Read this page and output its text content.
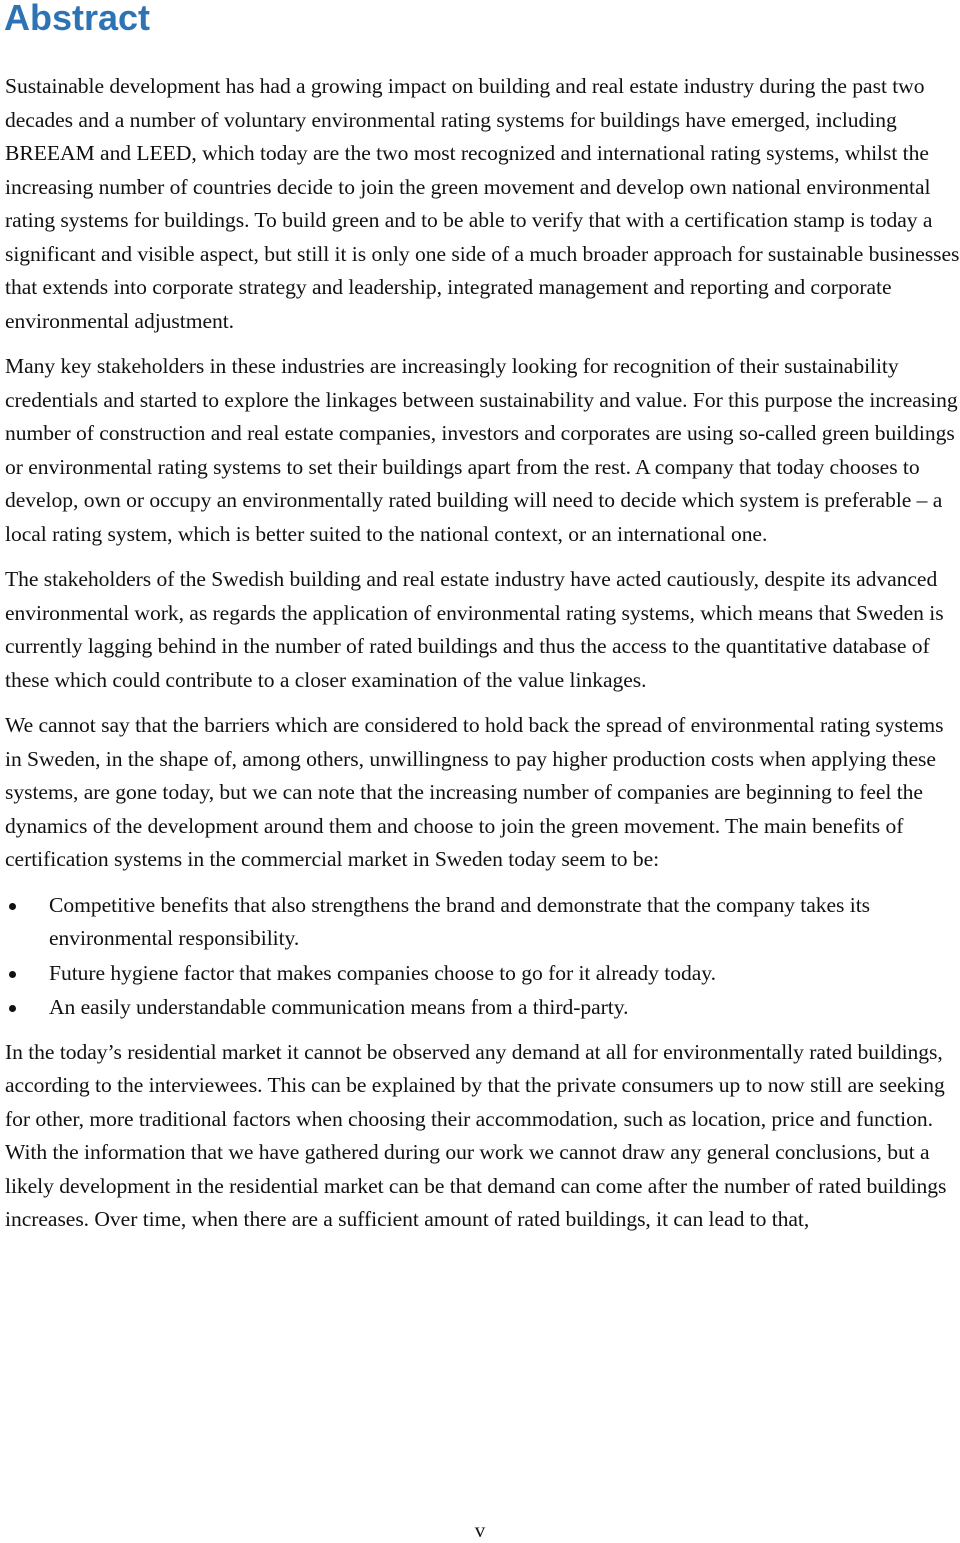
Abstract

Sustainable development has had a growing impact on building and real estate industry during the past two decades and a number of voluntary environmental rating systems for buildings have emerged, including BREEAM and LEED, which today are the two most recognized and international rating systems, whilst the increasing number of countries decide to join the green movement and develop own national environmental rating systems for buildings. To build green and to be able to verify that with a certification stamp is today a significant and visible aspect, but still it is only one side of a much broader approach for sustainable businesses that extends into corporate strategy and leadership, integrated management and reporting and corporate environmental adjustment.

Many key stakeholders in these industries are increasingly looking for recognition of their sustainability credentials and started to explore the linkages between sustainability and value. For this purpose the increasing number of construction and real estate companies, investors and corporates are using so-called green buildings or environmental rating systems to set their buildings apart from the rest. A company that today chooses to develop, own or occupy an environmentally rated building will need to decide which system is preferable – a local rating system, which is better suited to the national context, or an international one.

The stakeholders of the Swedish building and real estate industry have acted cautiously, despite its advanced environmental work, as regards the application of environmental rating systems, which means that Sweden is currently lagging behind in the number of rated buildings and thus the access to the quantitative database of these which could contribute to a closer examination of the value linkages.

We cannot say that the barriers which are considered to hold back the spread of environmental rating systems in Sweden, in the shape of, among others, unwillingness to pay higher production costs when applying these systems, are gone today, but we can note that the increasing number of companies are beginning to feel the dynamics of the development around them and choose to join the green movement. The main benefits of certification systems in the commercial market in Sweden today seem to be:

Competitive benefits that also strengthens the brand and demonstrate that the company takes its environmental responsibility.
Future hygiene factor that makes companies choose to go for it already today.
An easily understandable communication means from a third-party.

In the today’s residential market it cannot be observed any demand at all for environmentally rated buildings, according to the interviewees. This can be explained by that the private consumers up to now still are seeking for other, more traditional factors when choosing their accommodation, such as location, price and function. With the information that we have gathered during our work we cannot draw any general conclusions, but a likely development in the residential market can be that demand can come after the number of rated buildings increases. Over time, when there are a sufficient amount of rated buildings, it can lead to that,

v
